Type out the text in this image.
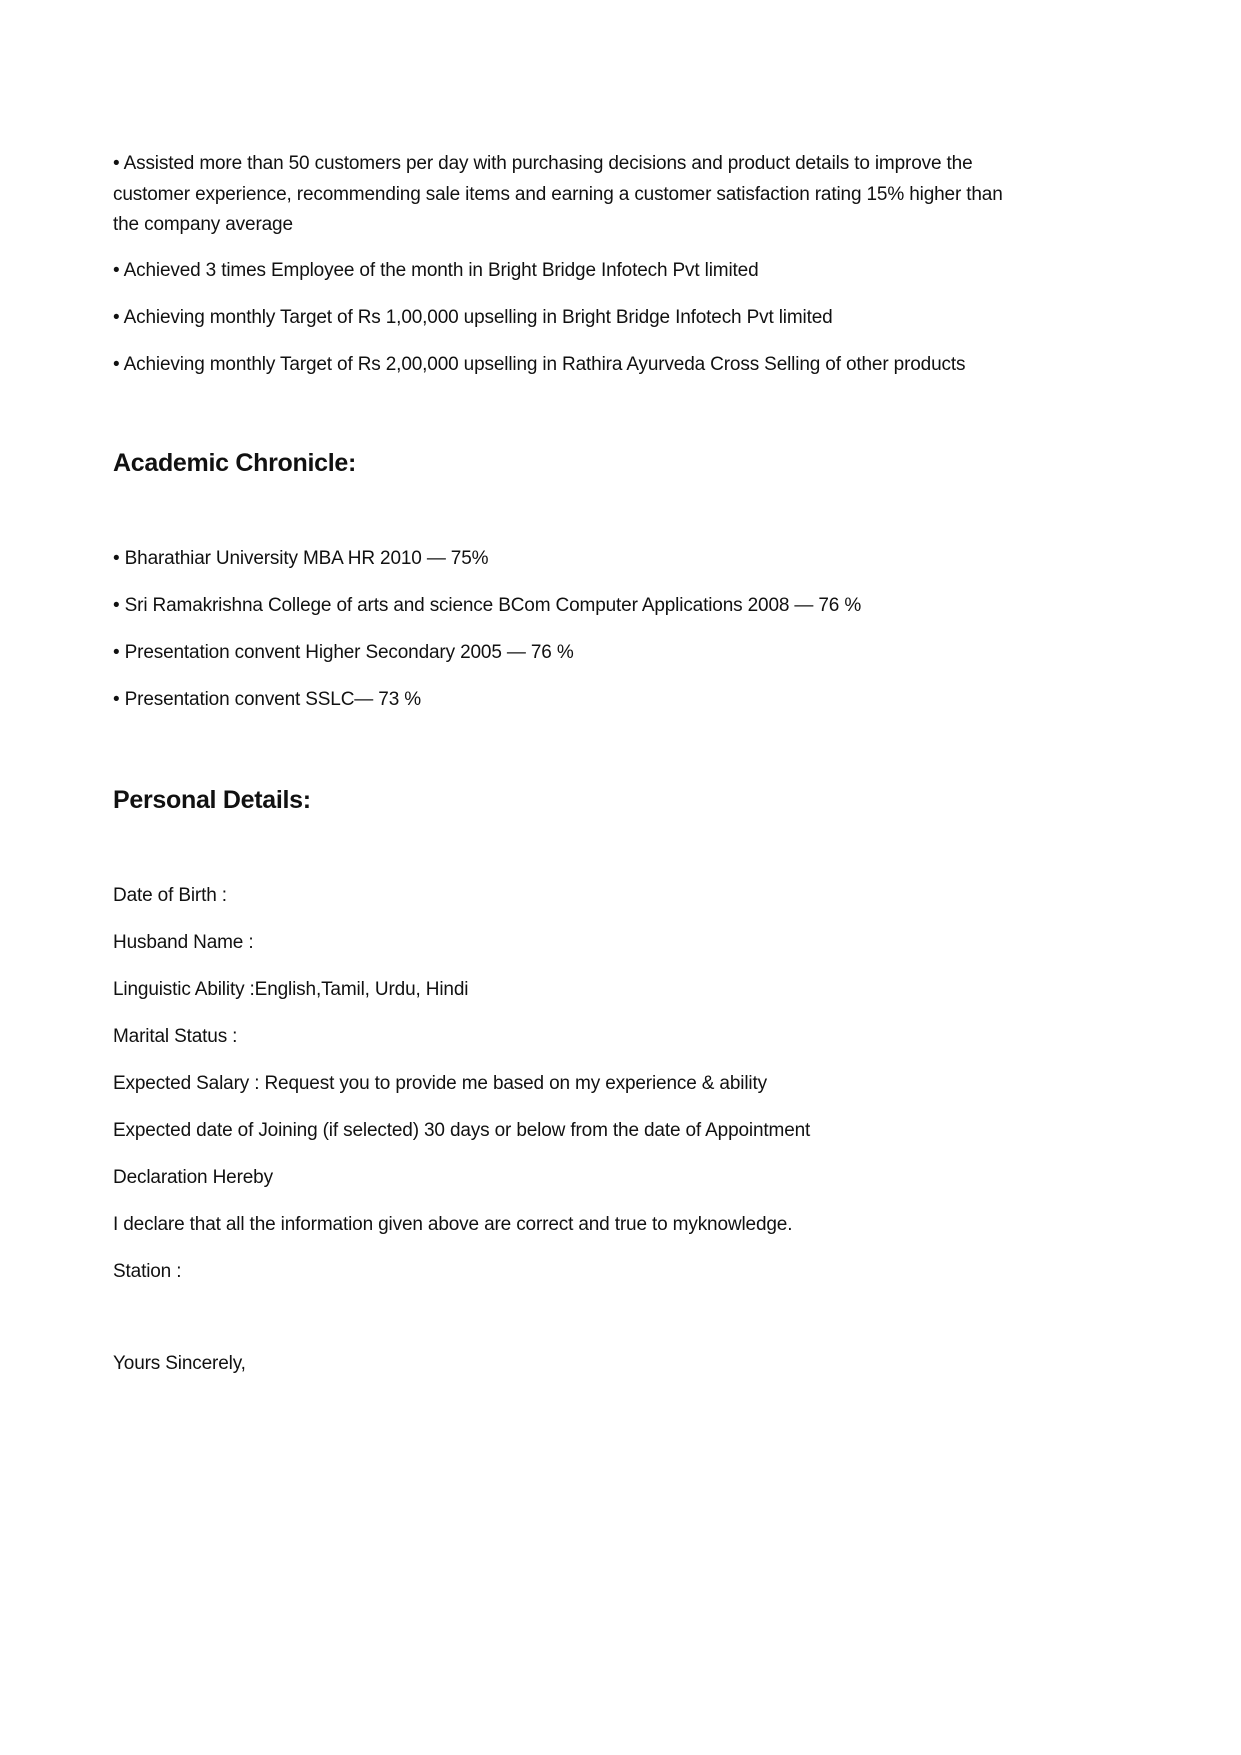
• Assisted more than 50 customers per day with purchasing decisions and product details to improve the
customer experience, recommending sale items and earning a customer satisfaction rating 15% higher than
the company average
• Achieved 3 times Employee of the month in Bright Bridge Infotech Pvt limited
• Achieving monthly Target of Rs 1,00,000 upselling in Bright Bridge Infotech Pvt limited
• Achieving monthly Target of Rs 2,00,000 upselling in Rathira Ayurveda Cross Selling of other products
Academic Chronicle:
• Bharathiar University MBA HR 2010 — 75%
• Sri Ramakrishna College of arts and science BCom Computer Applications 2008 — 76 %
• Presentation convent Higher Secondary 2005 — 76 %
• Presentation convent SSLC— 73 %
Personal Details:
Date of Birth :
Husband Name :
Linguistic Ability :English,Tamil, Urdu, Hindi
Marital Status :
Expected Salary : Request you to provide me based on my experience & ability
Expected date of Joining (if selected) 30 days or below from the date of Appointment
Declaration Hereby
I declare that all the information given above are correct and true to myknowledge.
Station :
Yours Sincerely,
